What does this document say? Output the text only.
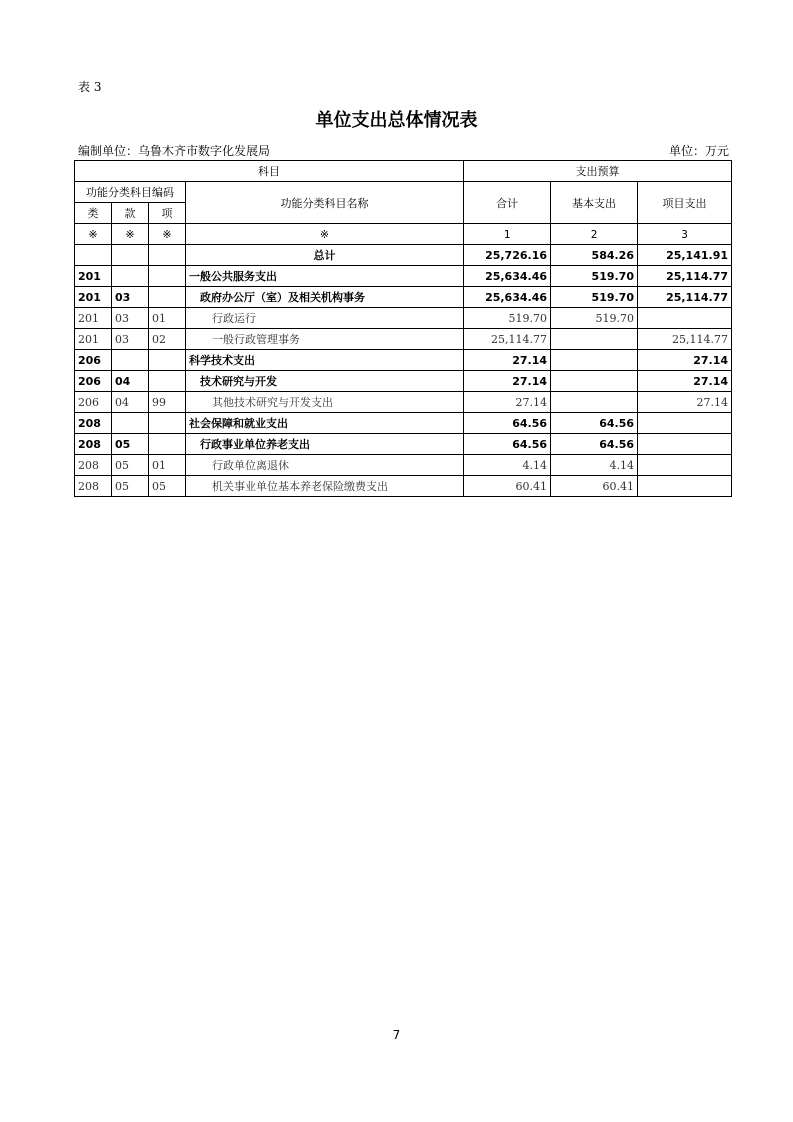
表 3
单位支出总体情况表
编制单位：乌鲁木齐市数字化发展局	单位：万元
科目				支出预算		
功能分类科目编码			功能分类科目名称	合计	基本支出	项目支出
类	款	项				
※	※	※	※	1	2	3
			总计	25,726.16	584.26	25,141.91
201			一般公共服务支出	25,634.46	519.70	25,114.77
201	03		政府办公厅（室）及相关机构事务	25,634.46	519.70	25,114.77
201	03	01	行政运行	519.70	519.70	
201	03	02	一般行政管理事务	25,114.77		25,114.77
206			科学技术支出	27.14		27.14
206	04		技术研究与开发	27.14		27.14
206	04	99	其他技术研究与开发支出	27.14		27.14
208			社会保障和就业支出	64.56	64.56	
208	05		行政事业单位养老支出	64.56	64.56	
208	05	01	行政单位离退休	4.14	4.14	
208	05	05	机关事业单位基本养老保险缴费支出	60.41	60.41	
7
